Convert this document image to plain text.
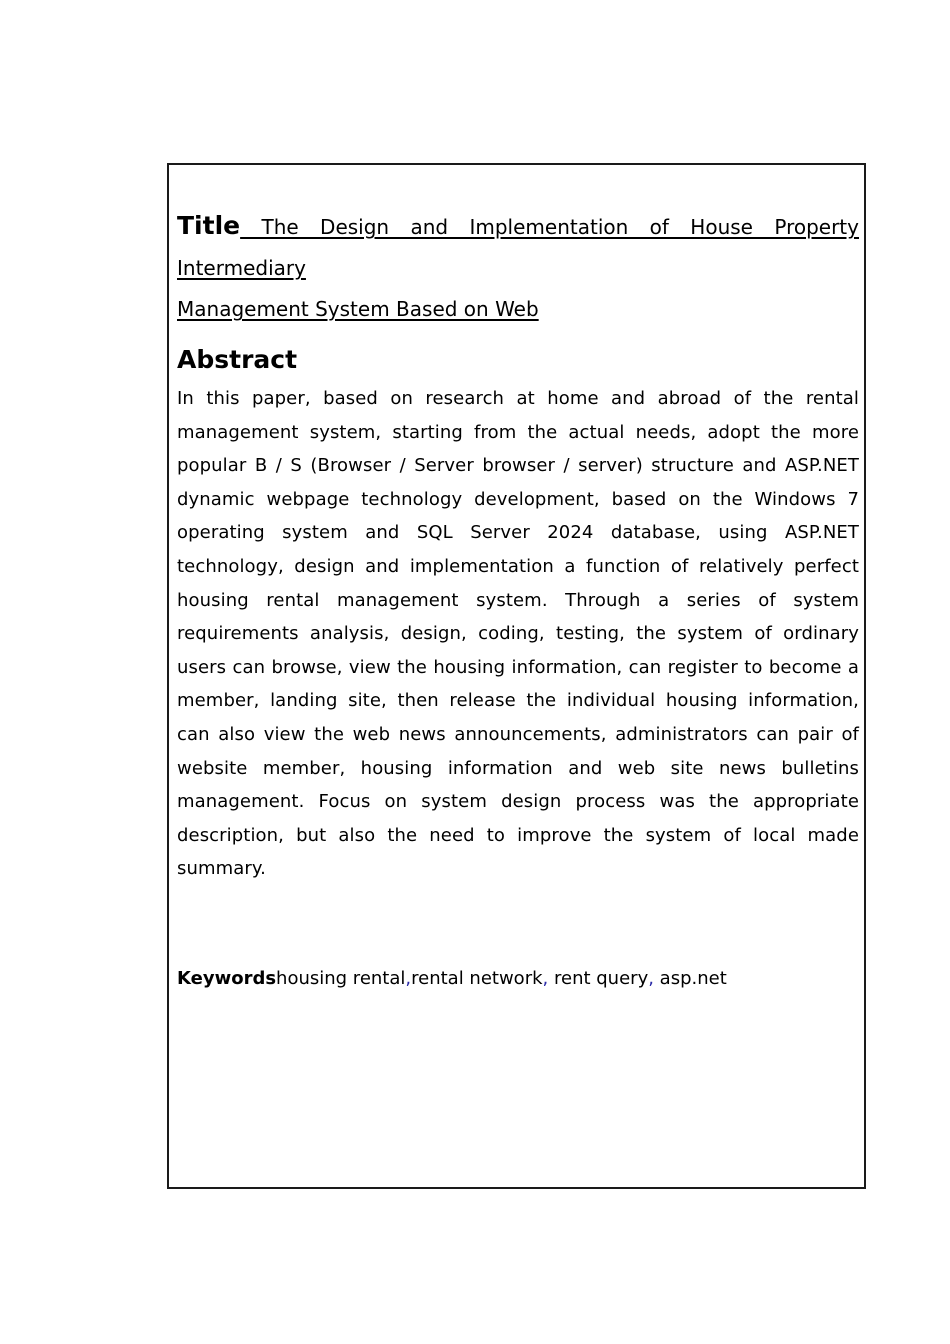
Title The Design and Implementation of House Property Intermediary
Management System Based on Web
Abstract
In this paper, based on research at home and abroad of the rental management system, starting from the actual needs, adopt the more popular B / S (Browser / Server browser / server) structure and ASP.NET dynamic webpage technology development, based on the Windows 7 operating system and SQL Server 2024 database, using ASP.NET technology, design and implementation a function of relatively perfect housing rental management system. Through a series of system requirements analysis, design, coding, testing, the system of ordinary users can browse, view the housing information, can register to become a member, landing site, then release the individual housing information, can also view the web news announcements, administrators can pair of website member, housing information and web site news bulletins management. Focus on system design process was the appropriate description, but also the need to improve the system of local made summary.
Keywordshousing rental,rental network, rent query, asp.net
